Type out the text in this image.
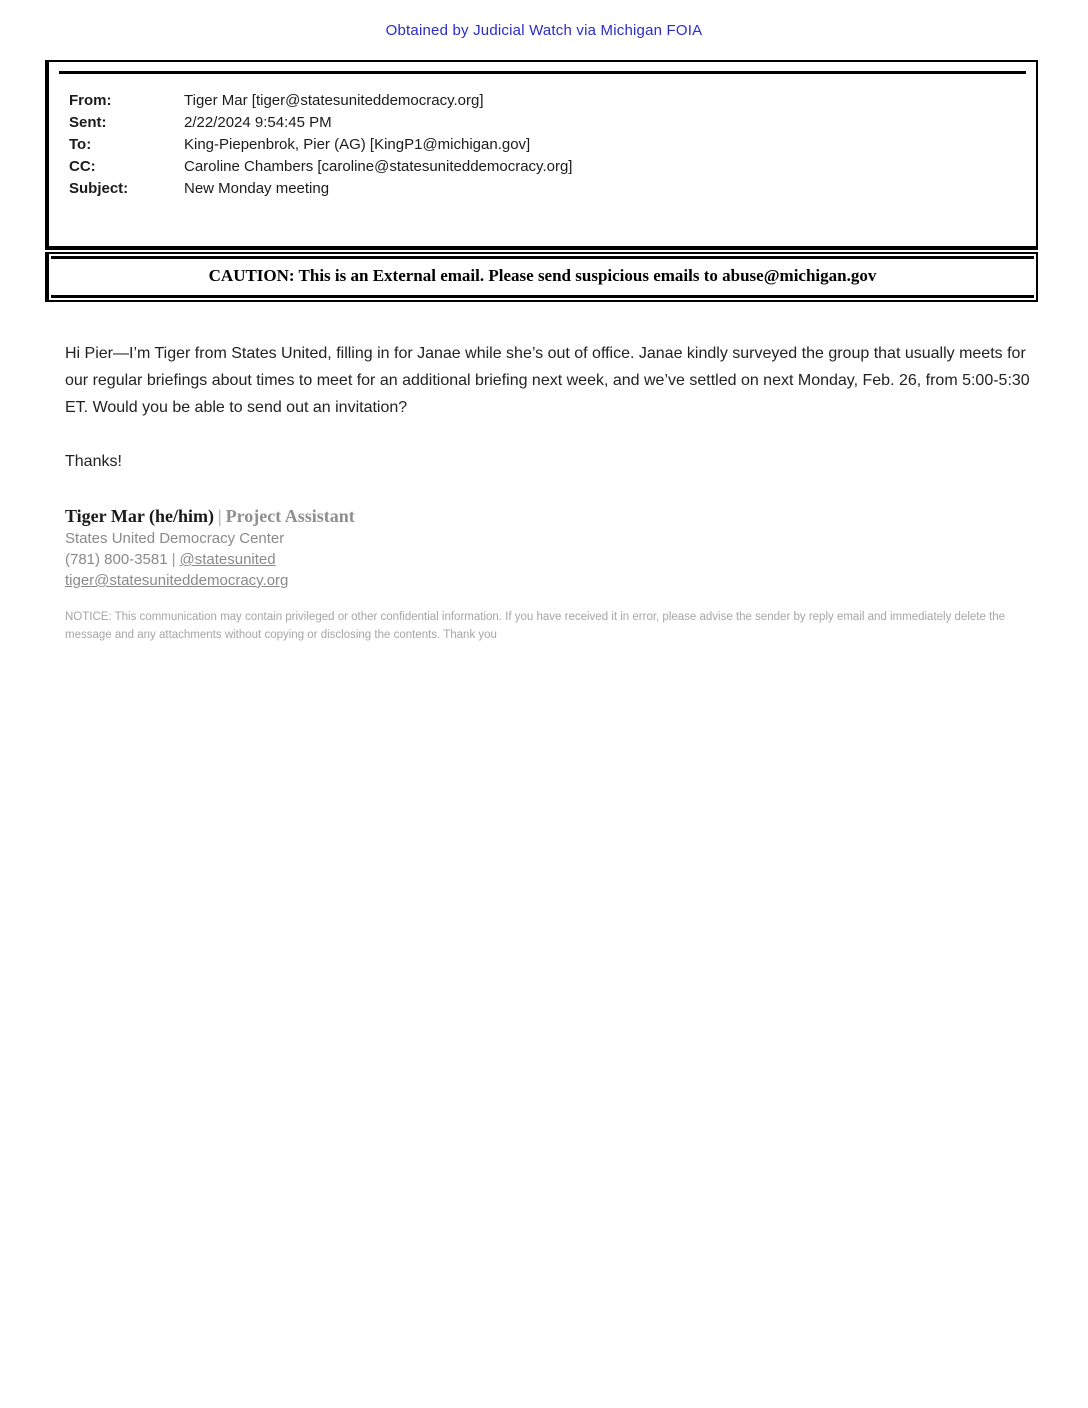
Obtained by Judicial Watch via Michigan FOIA
From:	Tiger Mar [tiger@statesuniteddemocracy.org]
Sent:	2/22/2024 9:54:45 PM
To:	King-Piepenbrok, Pier (AG) [KingP1@michigan.gov]
CC:	Caroline Chambers [caroline@statesuniteddemocracy.org]
Subject:	New Monday meeting
CAUTION: This is an External email. Please send suspicious emails to abuse@michigan.gov
Hi Pier—I’m Tiger from States United, filling in for Janae while she’s out of office. Janae kindly surveyed the group that usually meets for our regular briefings about times to meet for an additional briefing next week, and we’ve settled on next Monday, Feb. 26, from 5:00-5:30 ET. Would you be able to send out an invitation?
Thanks!
Tiger Mar (he/him) | Project Assistant
States United Democracy Center
(781) 800-3581 | @statesunited
tiger@statesuniteddemocracy.org
NOTICE: This communication may contain privileged or other confidential information. If you have received it in error, please advise the sender by reply email and immediately delete the message and any attachments without copying or disclosing the contents. Thank you
